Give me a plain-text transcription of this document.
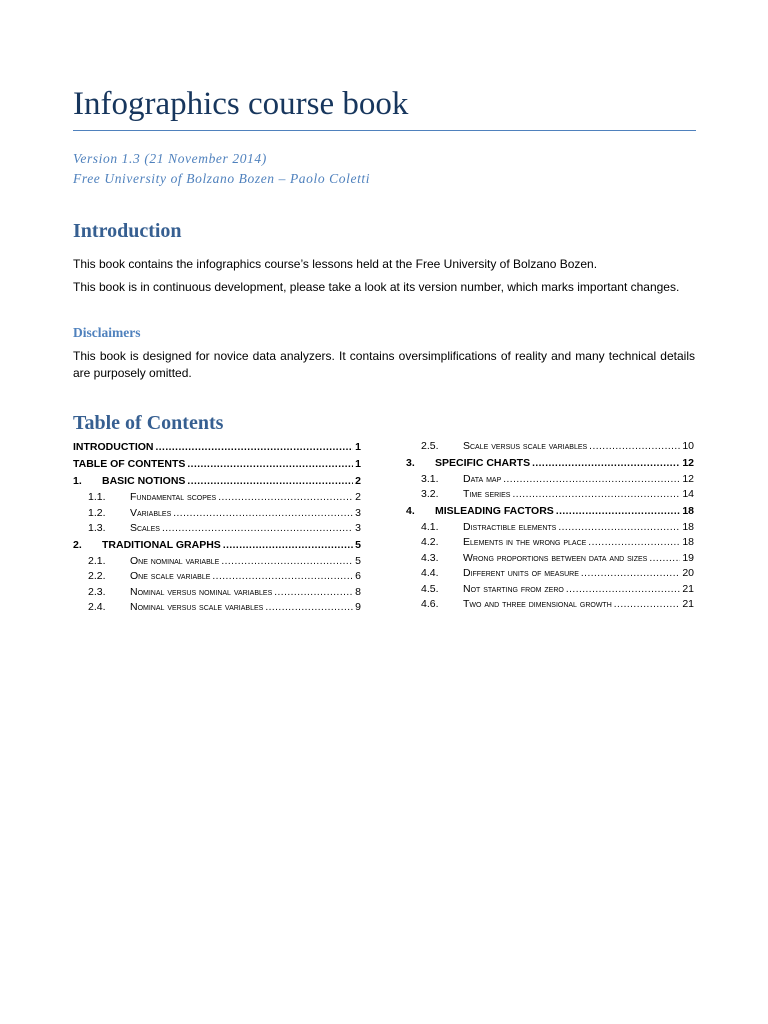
Infographics course book
Version 1.3 (21 November 2014)
Free University of Bolzano Bozen – Paolo Coletti
Introduction

This book contains the infographics course’s lessons held at the Free University of Bolzano Bozen.

This book is in continuous development, please take a look at its version number, which marks important changes.

Disclaimers

This book is designed for novice data analyzers. It contains oversimplifications of reality and many technical details are purposely omitted.

Table of Contents
INTRODUCTION .....	1
TABLE OF CONTENTS .....	1
1.	BASIC NOTIONS .....	2
1.1.	Fundamental scopes .....	2
1.2.	Variables .....	3
1.3.	Scales .....	3
2.	TRADITIONAL GRAPHS .....	5
2.1.	One nominal variable .....	5
2.2.	One scale variable .....	6
2.3.	Nominal versus nominal variables .....	8
2.4.	Nominal versus scale variables .....	9
2.5.	Scale versus scale variables .....	10
3.	SPECIFIC CHARTS .....	12
3.1.	Data map .....	12
3.2.	Time series .....	14
4.	MISLEADING FACTORS .....	18
4.1.	Distractible elements .....	18
4.2.	Elements in the wrong place .....	18
4.3.	Wrong proportions between data and sizes .....	19
4.4.	Different units of measure .....	20
4.5.	Not starting from zero .....	21
4.6.	Two and three dimensional growth .....	21
